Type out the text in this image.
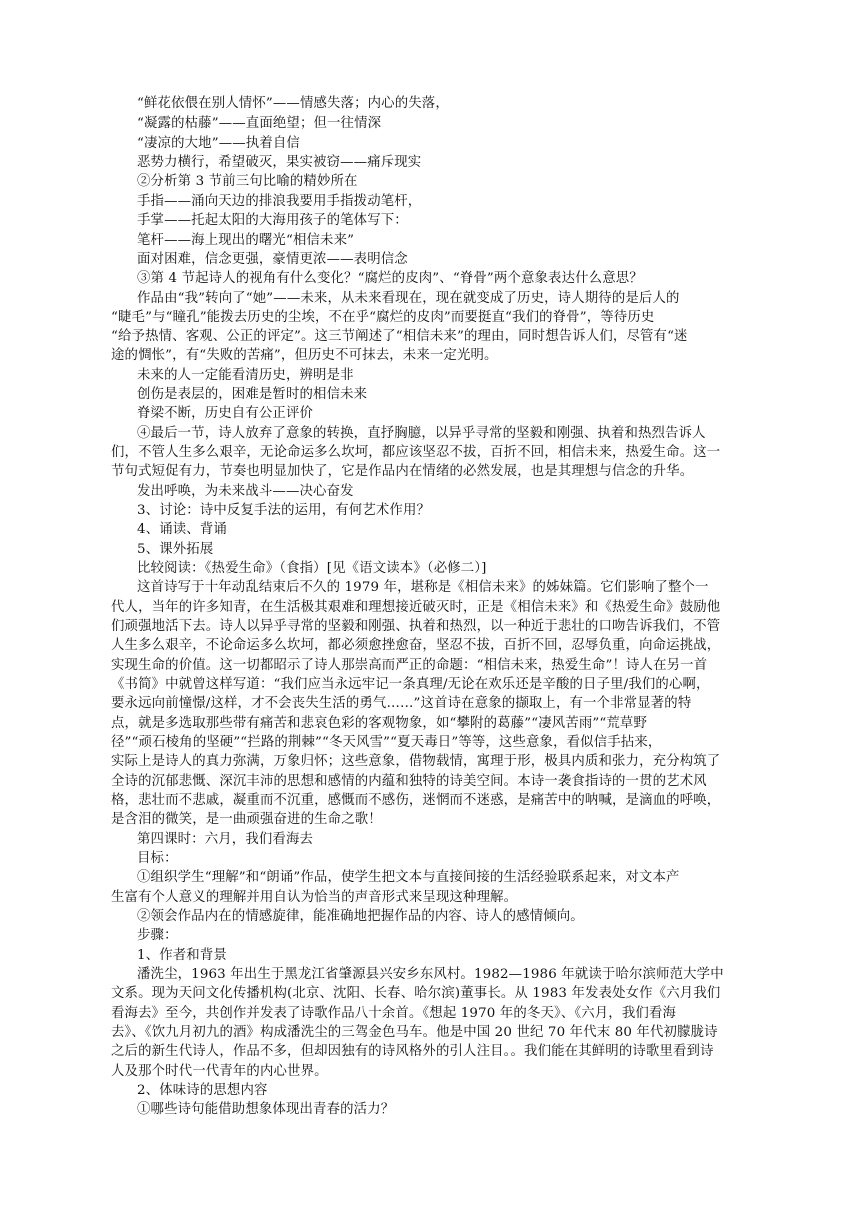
“鲜花依偎在别人情怀”——情感失落；内心的失落，

“凝露的枯藤”——直面绝望；但一往情深

“凄凉的大地”——执着自信

恶势力横行，希望破灭，果实被窃——痛斥现实

②分析第 3 节前三句比喻的精妙所在

手指——涌向天边的排浪我要用手指拨动笔杆，

手掌——托起太阳的大海用孩子的笔体写下：

笔杆——海上现出的曙光“相信未来”

面对困难，信念更强，豪情更浓——表明信念

③第 4 节起诗人的视角有什么变化？“腐烂的皮肉”、“脊骨”两个意象表达什么意思？

作品由“我”转向了“她”——未来，从未来看现在，现在就变成了历史，诗人期待的是后人的

“睫毛”与“瞳孔”能拨去历史的尘埃，不在乎“腐烂的皮肉”而要挺直“我们的脊骨”，等待历史

“给予热情、客观、公正的评定”。这三节阐述了“相信未来”的理由，同时想告诉人们，尽管有“迷

途的惆怅”，有“失败的苦痛”，但历史不可抹去，未来一定光明。

未来的人一定能看清历史，辨明是非

创伤是表层的，困难是暂时的相信未来

脊梁不断，历史自有公正评价

④最后一节，诗人放弃了意象的转换，直抒胸臆，以异乎寻常的坚毅和刚强、执着和热烈告诉人

们，不管人生多么艰辛，无论命运多么坎坷，都应该坚忍不拔，百折不回，相信未来，热爱生命。这一

节句式短促有力，节奏也明显加快了，它是作品内在情绪的必然发展，也是其理想与信念的升华。

发出呼唤，为未来战斗——决心奋发

3、讨论：诗中反复手法的运用，有何艺术作用？

4、诵读、背诵

5、课外拓展

比较阅读：《热爱生命》（食指）[见《语文读本》（必修二）]

这首诗写于十年动乱结束后不久的 1979 年，堪称是《相信未来》的姊妹篇。它们影响了整个一

代人，当年的许多知青，在生活极其艰难和理想接近破灭时，正是《相信未来》和《热爱生命》鼓励他

们顽强地活下去。诗人以异乎寻常的坚毅和刚强、执着和热烈，以一种近于悲壮的口吻告诉我们，不管

人生多么艰辛，不论命运多么坎坷，都必须愈挫愈奋，坚忍不拔，百折不回，忍辱负重，向命运挑战，

实现生命的价值。这一切都昭示了诗人那崇高而严正的命题：“相信未来，热爱生命”！诗人在另一首

《书简》中就曾这样写道：“我们应当永远牢记一条真理/无论在欢乐还是辛酸的日子里/我们的心啊，

要永远向前憧憬/这样，才不会丧失生活的勇气……”这首诗在意象的撷取上，有一个非常显著的特

点，就是多选取那些带有痛苦和悲哀色彩的客观物象，如“攀附的葛藤”“凄风苦雨”“荒草野

径”“顽石棱角的坚硬”“拦路的荆棘”“冬天风雪”“夏天毒日”等等，这些意象，看似信手拈来，

实际上是诗人的真力弥满，万象归怀；这些意象，借物载情，寓理于形，极具内质和张力，充分构筑了

全诗的沉郁悲慨、深沉丰沛的思想和感情的内蕴和独特的诗美空间。本诗一袭食指诗的一贯的艺术风

格，悲壮而不悲戚，凝重而不沉重，感慨而不感伤，迷惘而不迷惑，是痛苦中的呐喊，是滴血的呼唤，

是含泪的微笑，是一曲顽强奋进的生命之歌！

第四课时：六月，我们看海去

目标：

①组织学生“理解”和“朗诵”作品，使学生把文本与直接间接的生活经验联系起来，对文本产

生富有个人意义的理解并用自认为恰当的声音形式来呈现这种理解。

②领会作品内在的情感旋律，能准确地把握作品的内容、诗人的感情倾向。

步骤：

1、作者和背景

潘洗尘，1963 年出生于黑龙江省肇源县兴安乡东风村。1982—1986 年就读于哈尔滨师范大学中

文系。现为天问文化传播机构(北京、沈阳、长春、哈尔滨)董事长。从 1983 年发表处女作《六月我们

看海去》至今，共创作并发表了诗歌作品八十余首。《想起 1970 年的冬天》、《六月，我们看海

去》、《饮九月初九的酒》构成潘洗尘的三驾金色马车。他是中国 20 世纪 70 年代末 80 年代初朦胧诗

之后的新生代诗人，作品不多，但却因独有的诗风格外的引人注目。。我们能在其鲜明的诗歌里看到诗

人及那个时代一代青年的内心世界。

2、体味诗的思想内容

①哪些诗句能借助想象体现出青春的活力？
